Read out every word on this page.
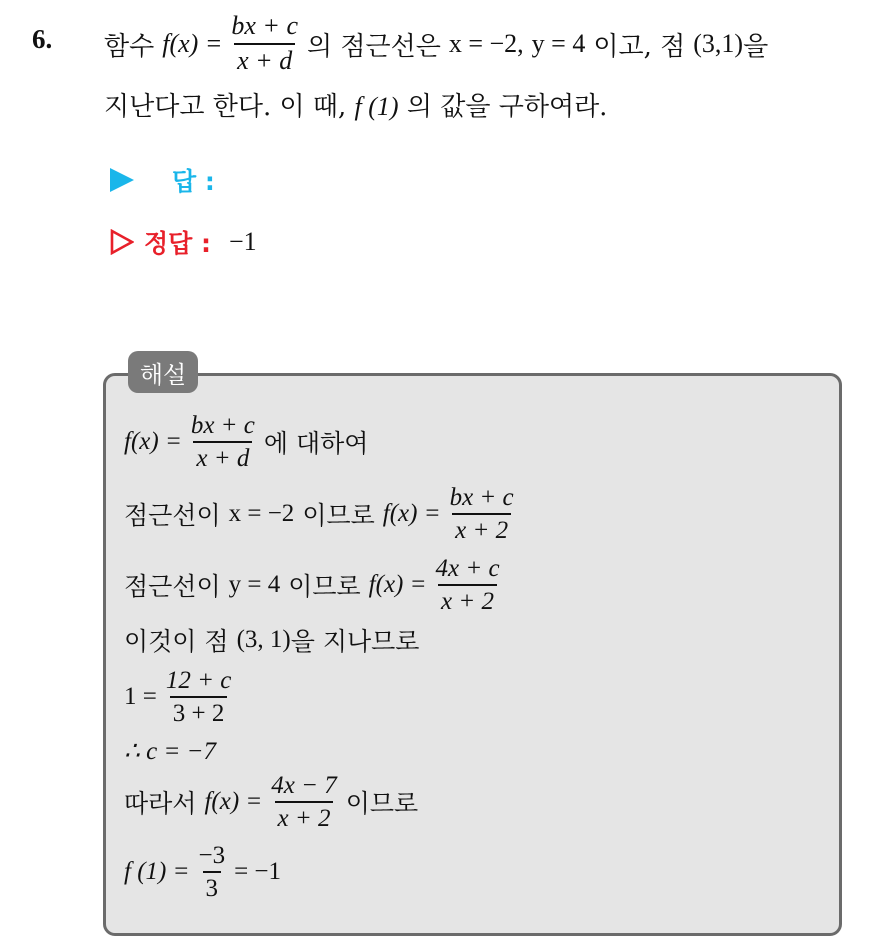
6. 함수 $f(x) = \frac{bx + c}{x + d}$ 의 점근선은 x = −2, y = 4 이고, 점 (3,1) 을
지난다고 한다. 이 때, f (1) 의 값을 구하여라.
답 :
정답 : −1
해설
$f(x) = \frac{bx + c}{x + d}$ 에 대하여
점근선이 x = −2 이므로 $f(x) = \frac{bx + c}{x + 2}$
점근선이 y = 4 이므로 $f(x) = \frac{4x + c}{x + 2}$
이것이 점 (3, 1) 을 지나므로
$1 = \frac{12 + c}{3 + 2}$
∴ c = −7
따라서 $f(x) = \frac{4x - 7}{x + 2}$ 이므로
f $(1) = \frac{-3}{3} = -1$
